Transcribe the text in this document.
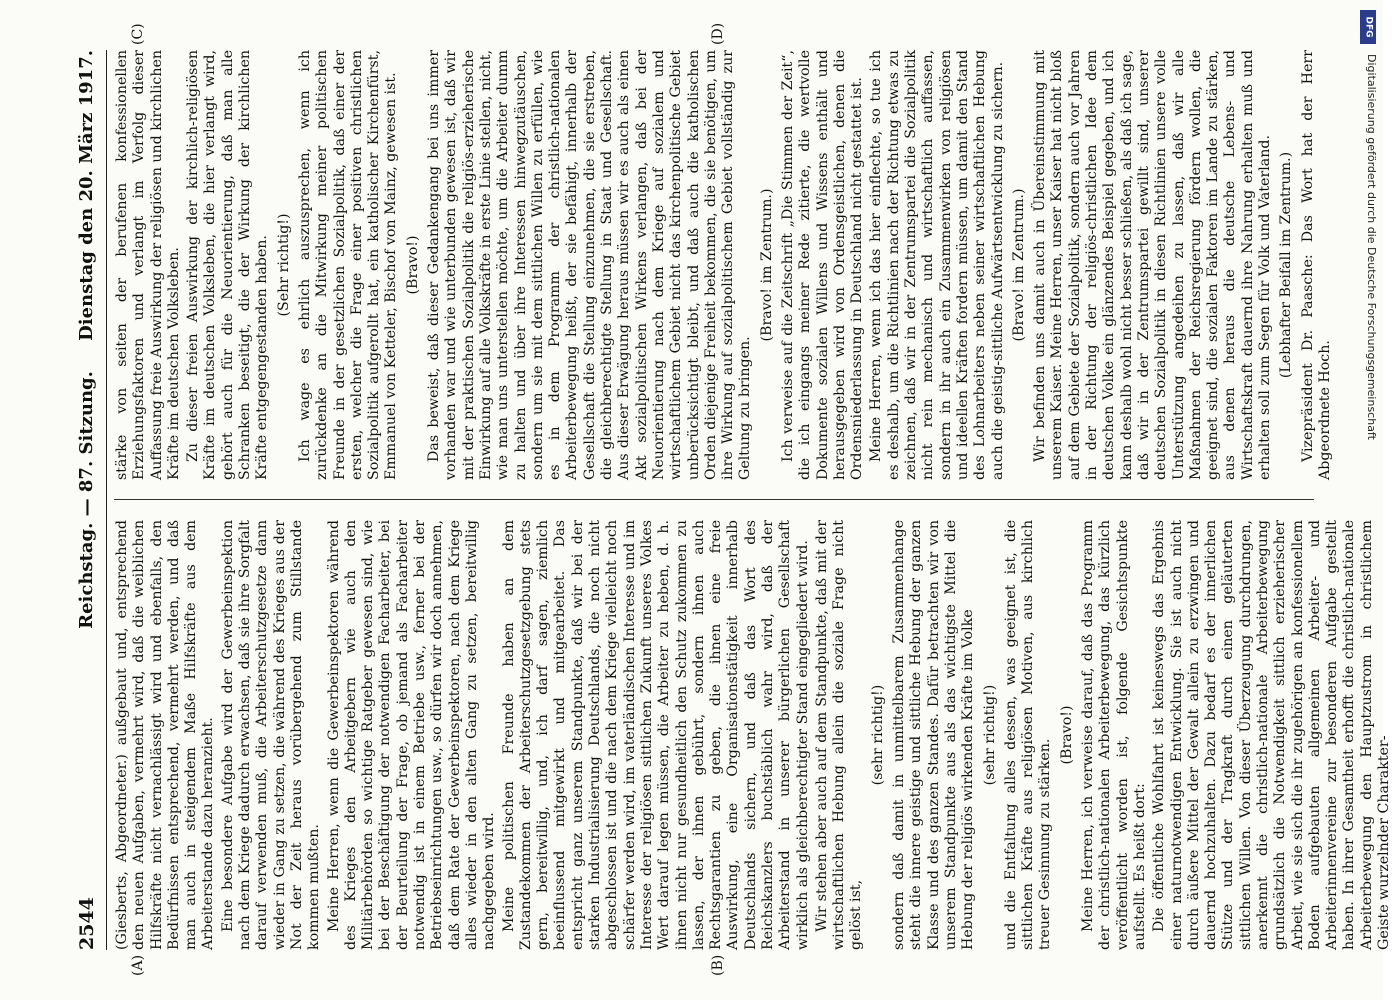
2544
Reichstag. — 87. Sitzung.
Dienstag den 20. März 1917.
(A)	(B)
(C)	(D)

(Giesberts, Abgeordneter.) außgebaut und, entsprechend den neuen Aufgaben, vermehrt wird, daß die weiblichen Hilfskräfte nicht vernachlässigt wird und ebenfalls, den Bedürfnissen entsprechend, vermehrt werden, und daß man auch in steigendem Maße Hilfskräfte aus dem Arbeiterstande dazu heranzieht. Eine besondere Aufgabe wird der Gewerbeinspektion nach dem Kriege dadurch erwachsen, daß sie ihre Sorgfalt darauf verwenden muß, die Arbeiterschutzgesetze dann wieder in Gang zu setzen, die während des Krieges aus der Not der Zeit heraus vorübergehend zum Stillstande kommen mußten. Meine Herren, wenn die Gewerbeinspektoren während des Krieges den Arbeitgebern wie auch den Militärbehörden so wichtige Ratgeber gewesen sind, wie bei der Beschäftigung der notwendigen Facharbeiter, bei der Beurteilung der Frage, ob jemand als Facharbeiter notwendig ist in einem Betriebe usw., ferner bei der Betriebseinrichtungen usw., so dürfen wir doch annehmen, daß dem Rate der Gewerbeinspektoren, nach dem Kriege alles wieder in den alten Gang zu setzen, bereitwillig nachgegeben wird. Meine politischen Freunde haben an dem Zustandekommen der Arbeiterschutzgesetzgebung stets gern, bereitwillig, und, ich darf sagen, ziemlich beeinflussend mitgewirkt und mitgearbeitet. Das entspricht ganz unserem Standpunkte, daß wir bei der starken Industrialisierung Deutschlands, die noch nicht abgeschlossen ist und die nach dem Kriege vielleicht noch schärfer werden wird, im vaterländischen Interesse und im Interesse der religiösen sittlichen Zukunft unseres Volkes Wert darauf legen müssen, die Arbeiter zu heben, d. h. ihnen nicht nur gesundheitlich den Schutz zukommen zu lassen, der ihnen gebührt, sondern ihnen auch Rechtsgarantien zu geben, die ihnen eine freie Auswirkung, eine Organisationstätigkeit innerhalb Deutschlands sichern, und daß das Wort des Reichskanzlers buchstäblich wahr wird, daß der Arbeiterstand in unserer bürgerlichen Gesellschaft wirklich als gleichberechtigter Stand eingegliedert wird. Wir stehen aber auch auf dem Standpunkte, daß mit der wirtschaftlichen Hebung allein die soziale Frage nicht gelöst ist,

(sehr richtig!) sondern daß damit in unmittelbarem Zusammenhange steht die innere geistige und sittliche Hebung der ganzen Klasse und des ganzen Standes. Dafür betrachten wir von unserem Standpunkte aus als das wichtigste Mittel die Hebung der religiös wirkenden Kräfte im Volke (sehr richtig!) und die Entfaltung alles dessen, was geeignet ist, die sittlichen Kräfte aus religiösen Motiven, aus kirchlich treuer Gesinnung zu stärken.

(Bravo!) Meine Herren, ich verweise darauf, daß das Programm der christlich-nationalen Arbeiterbewegung, das kürzlich veröffentlicht worden ist, folgende Gesichtspunkte aufstellt. Es heißt dort: Die öffentliche Wohlfahrt ist keineswegs das Ergebnis einer naturnotwendigen Entwicklung. Sie ist auch nicht durch äußere Mittel der Gewalt allein zu erzwingen und dauernd hochzuhalten. Dazu bedarf es der innerlichen Stütze und der Tragkraft durch einen geläuterten sittlichen Willen. Von dieser Überzeugung durchdrungen, anerkennt die christlich-nationale Arbeiterbewegung grundsätzlich die Notwendigkeit sittlich erzieherischer Arbeit, wie sie sich die ihr zugehörigen an konfessionellem Boden aufgebauten allgemeinen Arbeiter- und Arbeiterinnenvereine zur besonderen Aufgabe gestellt haben. In ihrer Gesamtheit erhofft die christlich-nationale Arbeiterbewegung den Hauptzustrom in christlichem Geiste wurzelnder Charakter-

stärke von seiten der berufenen konfessionellen Erziehungsfaktoren und verlangt im Verfolg dieser Auffassung freie Auswirkung der religiösen und kirchlichen Kräfte im deutschen Volksleben. Zu dieser freien Auswirkung der kirchlich-religiösen Kräfte im deutschen Volksleben, die hier verlangt wird, gehört auch für die Neuorientierung, daß man alle Schranken beseitigt, die der Wirkung der kirchlichen Kräfte entgegengestanden haben. (Sehr richtig!) Ich wage es ehrlich auszusprechen, wenn ich zurückdenke an die Mitwirkung meiner politischen Freunde in der gesetzlichen Sozialpolitik, daß einer der ersten, welcher die Frage einer positiven christlichen Sozialpolitik aufgerollt hat, ein katholischer Kirchenfürst, Emmanuel von Ketteler, Bischof von Mainz, gewesen ist. (Bravo!) Das beweist, daß dieser Gedankengang bei uns immer vorhanden war und wie unterbunden gewesen ist, daß wir mit der praktischen Sozialpolitik die religiös-erzieherische Einwirkung auf alle Volkskräfte in erste Linie stellen, nicht, wie man uns unterstellen möchte, um die Arbeiter dumm zu halten und über ihre Interessen hinwegzutäuschen, sondern um sie mit dem sittlichen Willen zu erfüllen, wie es in dem Programm der christlich-nationalen Arbeiterbewegung heißt, der sie befähigt, innerhalb der Gesellschaft die Stellung einzunehmen, die sie erstreben, die gleichberechtigte Stellung in Staat und Gesellschaft. Aus dieser Erwägung heraus müssen wir es auch als einen Akt sozialpolitischen Wirkens verlangen, daß bei der Neuorientierung nach dem Kriege auf sozialem und wirtschaftlichem Gebiet nicht das kirchenpolitische Gebiet unberücksichtigt bleibt, und daß auch die katholischen Orden diejenige Freiheit bekommen, die sie benötigen, um ihre Wirkung auf sozialpolitischem Gebiet vollständig zur Geltung zu bringen.

(Bravo! im Zentrum.) Ich verweise auf die Zeitschrift „Die Stimmen der Zeit“, die ich eingangs meiner Rede zitierte, die wertvolle Dokumente sozialen Willens und Wissens enthält und herausgegeben wird von Ordensgeistlichen, denen die Ordensniederlassung in Deutschland nicht gestattet ist. Meine Herren, wenn ich das hier einflechte, so tue ich es deshalb, um die Richtlinien nach der Richtung etwas zu zeichnen, daß wir in der Zentrumspartei die Sozialpolitik nicht rein mechanisch und wirtschaftlich auffassen, sondern in ihr auch ein Zusammenwirken von religiösen und ideellen Kräften fordern müssen, um damit den Stand des Lohnarbeiters neben seiner wirtschaftlichen Hebung auch die geistig-sittliche Aufwärtsentwicklung zu sichern. (Bravo! im Zentrum.) Wir befinden uns damit auch in Übereinstimmung mit unserem Kaiser. Meine Herren, unser Kaiser hat nicht bloß auf dem Gebiete der Sozialpolitik, sondern auch vor Jahren in der Richtung der religiös-christlichen Idee dem deutschen Volke ein glänzendes Beispiel gegeben, und ich kann deshalb wohl nicht besser schließen, als daß ich sage, daß wir in der Zentrumspartei gewillt sind, unserer deutschen Sozialpolitik in diesen Richtlinien unsere volle Unterstützung angedeihen zu lassen, daß wir alle Maßnahmen der Reichsregierung fördern wollen, die geeignet sind, die sozialen Faktoren im Lande zu stärken, aus denen heraus die deutsche Lebens- und Wirtschaftskraft dauernd ihre Nahrung erhalten muß und erhalten soll zum Segen für Volk und Vaterland. (Lebhafter Beifall im Zentrum.) Vizepräsident Dr. Paasche: Das Wort hat der Herr Abgeordnete Hoch.

DFG
Digitalisierung gefördert durch die Deutsche Forschungsgemeinschaft
